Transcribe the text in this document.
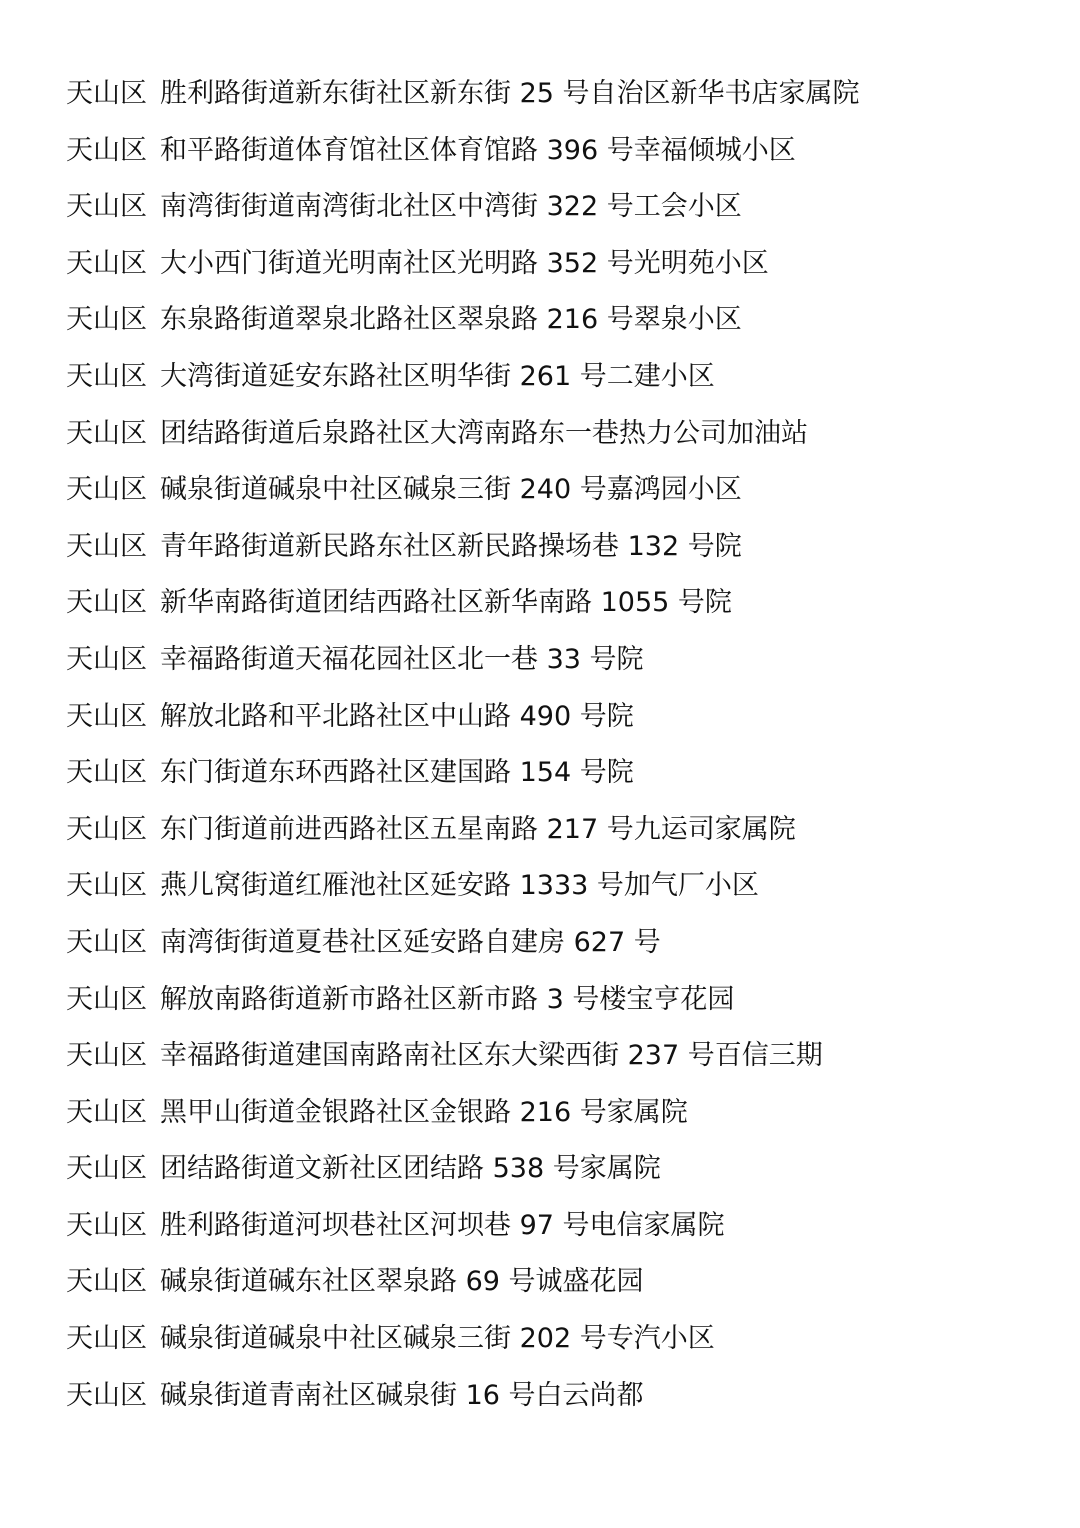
天山区 胜利路街道新东街社区新东街 25 号自治区新华书店家属院
天山区 和平路街道体育馆社区体育馆路 396 号幸福倾城小区
天山区 南湾街街道南湾街北社区中湾街 322 号工会小区
天山区 大小西门街道光明南社区光明路 352 号光明苑小区
天山区 东泉路街道翠泉北路社区翠泉路 216 号翠泉小区
天山区 大湾街道延安东路社区明华街 261 号二建小区
天山区 团结路街道后泉路社区大湾南路东一巷热力公司加油站
天山区 碱泉街道碱泉中社区碱泉三街 240 号嘉鸿园小区
天山区 青年路街道新民路东社区新民路操场巷 132 号院
天山区 新华南路街道团结西路社区新华南路 1055 号院
天山区 幸福路街道天福花园社区北一巷 33 号院
天山区 解放北路和平北路社区中山路 490 号院
天山区 东门街道东环西路社区建国路 154 号院
天山区 东门街道前进西路社区五星南路 217 号九运司家属院
天山区 燕儿窝街道红雁池社区延安路 1333 号加气厂小区
天山区 南湾街街道夏巷社区延安路自建房 627 号
天山区 解放南路街道新市路社区新市路 3 号楼宝亨花园
天山区 幸福路街道建国南路南社区东大梁西街 237 号百信三期
天山区 黑甲山街道金银路社区金银路 216 号家属院
天山区 团结路街道文新社区团结路 538 号家属院
天山区 胜利路街道河坝巷社区河坝巷 97 号电信家属院
天山区 碱泉街道碱东社区翠泉路 69 号诚盛花园
天山区 碱泉街道碱泉中社区碱泉三街 202 号专汽小区
天山区 碱泉街道青南社区碱泉街 16 号白云尚都
